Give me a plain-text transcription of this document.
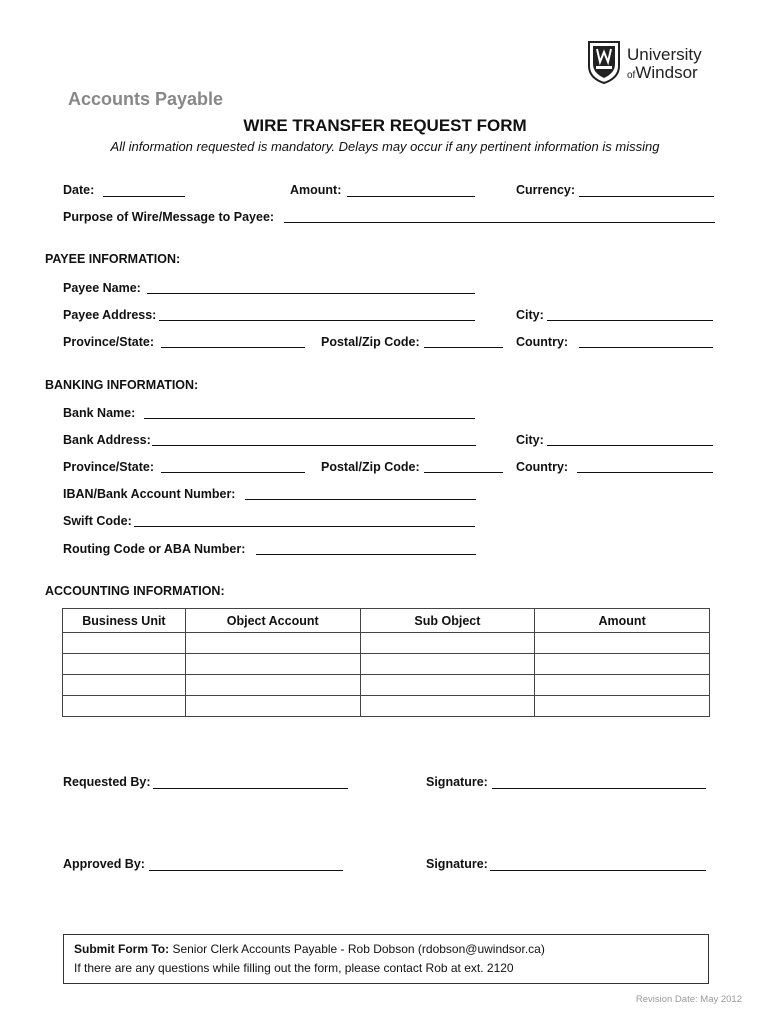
University
ofWindsor
Accounts Payable
WIRE TRANSFER REQUEST FORM
All information requested is mandatory. Delays may occur if any pertinent information is missing
Date:	Amount:	Currency:
Purpose of Wire/Message to Payee:
PAYEE INFORMATION:
Payee Name:
Payee Address:	City:
Province/State:	Postal/Zip Code:	Country:
BANKING INFORMATION:
Bank Name:
Bank Address:	City:
Province/State:	Postal/Zip Code:	Country:
IBAN/Bank Account Number:
Swift Code:
Routing Code or ABA Number:
ACCOUNTING INFORMATION:
Business Unit	Object Account	Sub Object	Amount

Requested By:	Signature:
Approved By:	Signature:
Submit Form To: Senior Clerk Accounts Payable - Rob Dobson (rdobson@uwindsor.ca)
If there are any questions while filling out the form, please contact Rob at ext. 2120
Revision Date: May 2012
